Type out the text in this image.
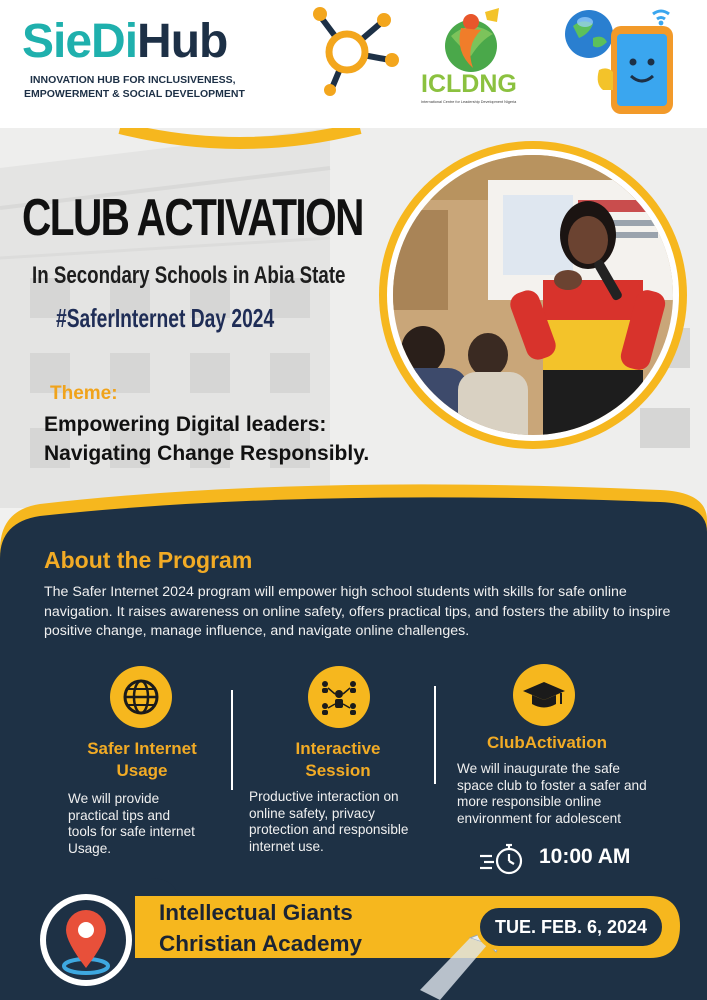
SieDiHub
INNOVATION HUB FOR INCLUSIVENESS,
EMPOWERMENT & SOCIAL DEVELOPMENT	ICLDNG
International Centre for Leadership Development Nigeria
CLUB ACTIVATION
In Secondary Schools in Abia State
#SaferInternet Day 2024
Theme:
Empowering Digital leaders:
Navigating Change Responsibly.
About the Program
The Safer Internet 2024 program will empower high school students with skills for safe online navigation. It raises awareness on online safety, offers practical tips, and fosters the ability to inspire positive change, manage influence, and navigate online challenges.
Safer Internet
Usage
We will provide
practical tips and
tools for safe internet
Usage.
Interactive
Session
Productive interaction on
online safety, privacy
protection and responsible
internet use.
ClubActivation
We will inaugurate the safe
space club to foster a safer and
more responsible online
environment for adolescent
10:00 AM
Intellectual Giants
Christian Academy
TUE. FEB. 6, 2024
